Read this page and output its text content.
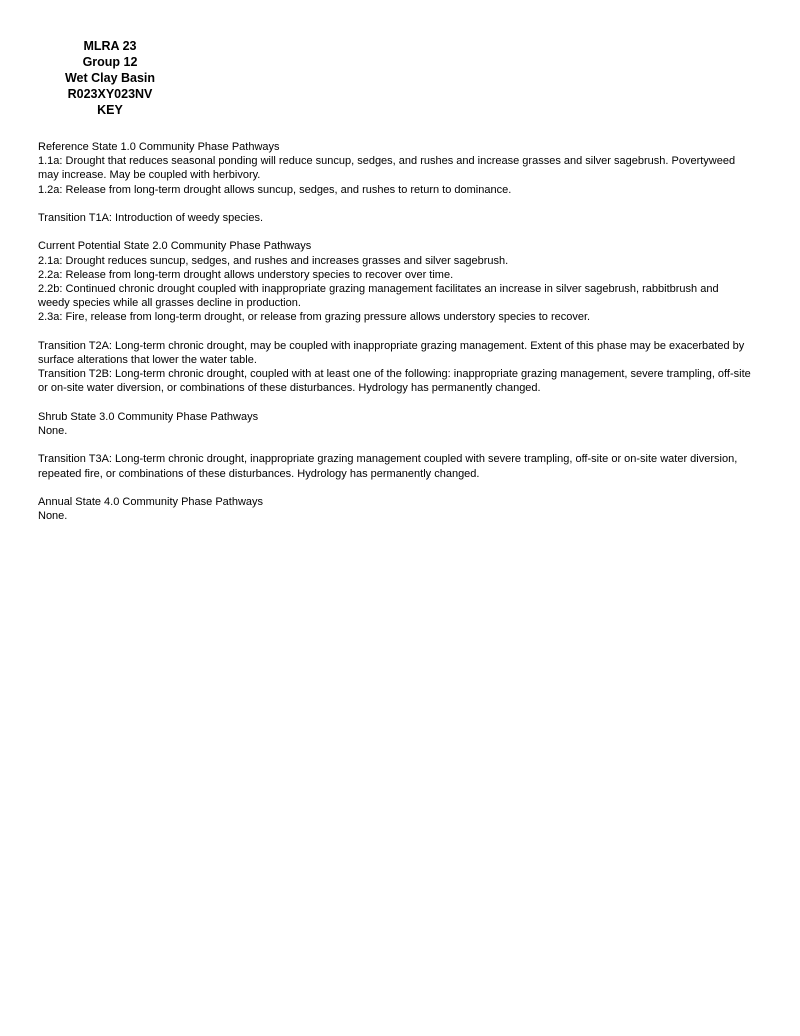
MLRA 23
Group 12
Wet Clay Basin
R023XY023NV
KEY

Reference State 1.0 Community Phase Pathways

1.1a: Drought that reduces seasonal ponding will reduce suncup, sedges, and rushes and increase grasses and silver sagebrush. Povertyweed may increase. May be coupled with herbivory.

1.2a: Release from long-term drought allows suncup, sedges, and rushes to return to dominance.

Transition T1A: Introduction of weedy species.

Current Potential State 2.0 Community Phase Pathways

2.1a: Drought reduces suncup, sedges, and rushes and increases grasses and silver sagebrush.

2.2a: Release from long-term drought allows understory species to recover over time.

2.2b: Continued chronic drought coupled with inappropriate grazing management facilitates an increase in silver sagebrush, rabbitbrush and weedy species while all grasses decline in production.

2.3a: Fire, release from long-term drought, or release from grazing pressure allows understory species to recover.

Transition T2A: Long-term chronic drought, may be coupled with inappropriate grazing management. Extent of this phase may be exacerbated by surface alterations that lower the water table.

Transition T2B: Long-term chronic drought, coupled with at least one of the following: inappropriate grazing management, severe trampling, off-site or on-site water diversion, or combinations of these disturbances. Hydrology has permanently changed.

Shrub State 3.0 Community Phase Pathways

None.

Transition T3A: Long-term chronic drought, inappropriate grazing management coupled with severe trampling, off-site or on-site water diversion, repeated fire, or combinations of these disturbances. Hydrology has permanently changed.

Annual State 4.0 Community Phase Pathways

None.
